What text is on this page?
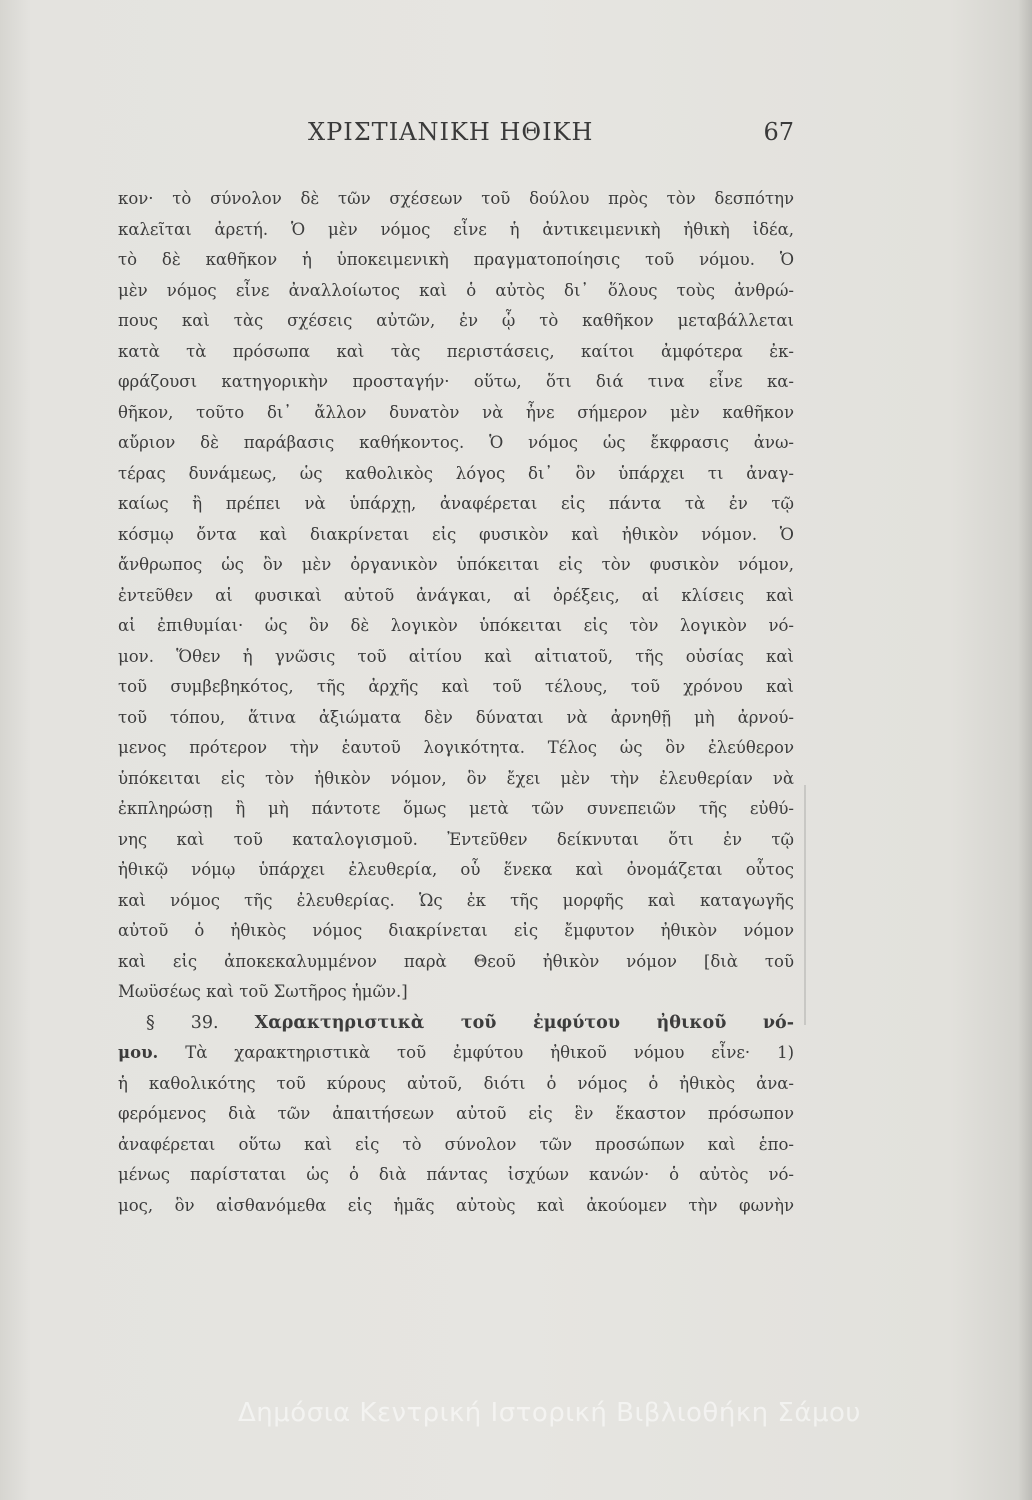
ΧΡΙΣΤΙΑΝΙΚΗ ΗΘΙΚΗ	67
κον· τὸ σύνολον δὲ τῶν σχέσεων τοῦ δούλου πρὸς τὸν δεσπότην
καλεῖται ἀρετή. Ὁ μὲν νόμος εἶνε ἡ ἀντικειμενικὴ ἠθικὴ ἰδέα,
τὸ δὲ καθῆκον ἡ ὑποκειμενικὴ πραγματοποίησις τοῦ νόμου. Ὁ
μὲν νόμος εἶνε ἀναλλοίωτος καὶ ὁ αὐτὸς δι᾽ ὅλους τοὺς ἀνθρώ-
πους καὶ τὰς σχέσεις αὐτῶν, ἐν ᾧ τὸ καθῆκον μεταβάλλεται
κατὰ τὰ πρόσωπα καὶ τὰς περιστάσεις, καίτοι ἀμφότερα ἐκ-
φράζουσι κατηγορικὴν προσταγήν· οὕτω, ὅτι διά τινα εἶνε κα-
θῆκον, τοῦτο δι᾽ ἄλλον δυνατὸν νὰ ἦνε σήμερον μὲν καθῆκον
αὔριον δὲ παράβασις καθήκοντος. Ὁ νόμος ὡς ἔκφρασις ἀνω-
τέρας δυνάμεως, ὡς καθολικὸς λόγος δι᾽ ὃν ὑπάρχει τι ἀναγ-
καίως ἢ πρέπει νὰ ὑπάρχῃ, ἀναφέρεται εἰς πάντα τὰ ἐν τῷ
κόσμῳ ὄντα καὶ διακρίνεται εἰς φυσικὸν καὶ ἠθικὸν νόμον. Ὁ
ἄνθρωπος ὡς ὂν μὲν ὀργανικὸν ὑπόκειται εἰς τὸν φυσικὸν νόμον,
ἐντεῦθεν αἱ φυσικαὶ αὐτοῦ ἀνάγκαι, αἱ ὀρέξεις, αἱ κλίσεις καὶ
αἱ ἐπιθυμίαι· ὡς ὂν δὲ λογικὸν ὑπόκειται εἰς τὸν λογικὸν νό-
μον. Ὅθεν ἡ γνῶσις τοῦ αἰτίου καὶ αἰτιατοῦ, τῆς οὐσίας καὶ
τοῦ συμβεβηκότος, τῆς ἀρχῆς καὶ τοῦ τέλους, τοῦ χρόνου καὶ
τοῦ τόπου, ἅτινα ἀξιώματα δὲν δύναται νὰ ἀρνηθῇ μὴ ἀρνού-
μενος πρότερον τὴν ἑαυτοῦ λογικότητα. Τέλος ὡς ὂν ἐλεύθερον
ὑπόκειται εἰς τὸν ἠθικὸν νόμον, ὃν ἔχει μὲν τὴν ἐλευθερίαν νὰ
ἐκπληρώσῃ ἢ μὴ πάντοτε ὅμως μετὰ τῶν συνεπειῶν τῆς εὐθύ-
νης καὶ τοῦ καταλογισμοῦ. Ἐντεῦθεν δείκνυται ὅτι ἐν τῷ
ἠθικῷ νόμῳ ὑπάρχει ἐλευθερία, οὗ ἕνεκα καὶ ὀνομάζεται οὗτος
καὶ νόμος τῆς ἐλευθερίας. Ὡς ἐκ τῆς μορφῆς καὶ καταγωγῆς
αὐτοῦ ὁ ἠθικὸς νόμος διακρίνεται εἰς ἔμφυτον ἠθικὸν νόμον
καὶ εἰς ἀποκεκαλυμμένον παρὰ Θεοῦ ἠθικὸν νόμον [διὰ τοῦ
Μωϋσέως καὶ τοῦ Σωτῆρος ἡμῶν.]
§ 39. Χαρακτηριστικὰ τοῦ ἐμφύτου ἠθικοῦ νό-
μου. Τὰ χαρακτηριστικὰ τοῦ ἐμφύτου ἠθικοῦ νόμου εἶνε· 1)
ἡ καθολικότης τοῦ κύρους αὐτοῦ, διότι ὁ νόμος ὁ ἠθικὸς ἀνα-
φερόμενος διὰ τῶν ἀπαιτήσεων αὐτοῦ εἰς ἓν ἕκαστον πρόσωπον
ἀναφέρεται οὕτω καὶ εἰς τὸ σύνολον τῶν προσώπων καὶ ἑπο-
μένως παρίσταται ὡς ὁ διὰ πάντας ἰσχύων κανών· ὁ αὐτὸς νό-
μος, ὃν αἰσθανόμεθα εἰς ἡμᾶς αὐτοὺς καὶ ἀκούομεν τὴν φωνὴν
Δημόσια Κεντρική Ιστορική Βιβλιοθήκη Σάμου
